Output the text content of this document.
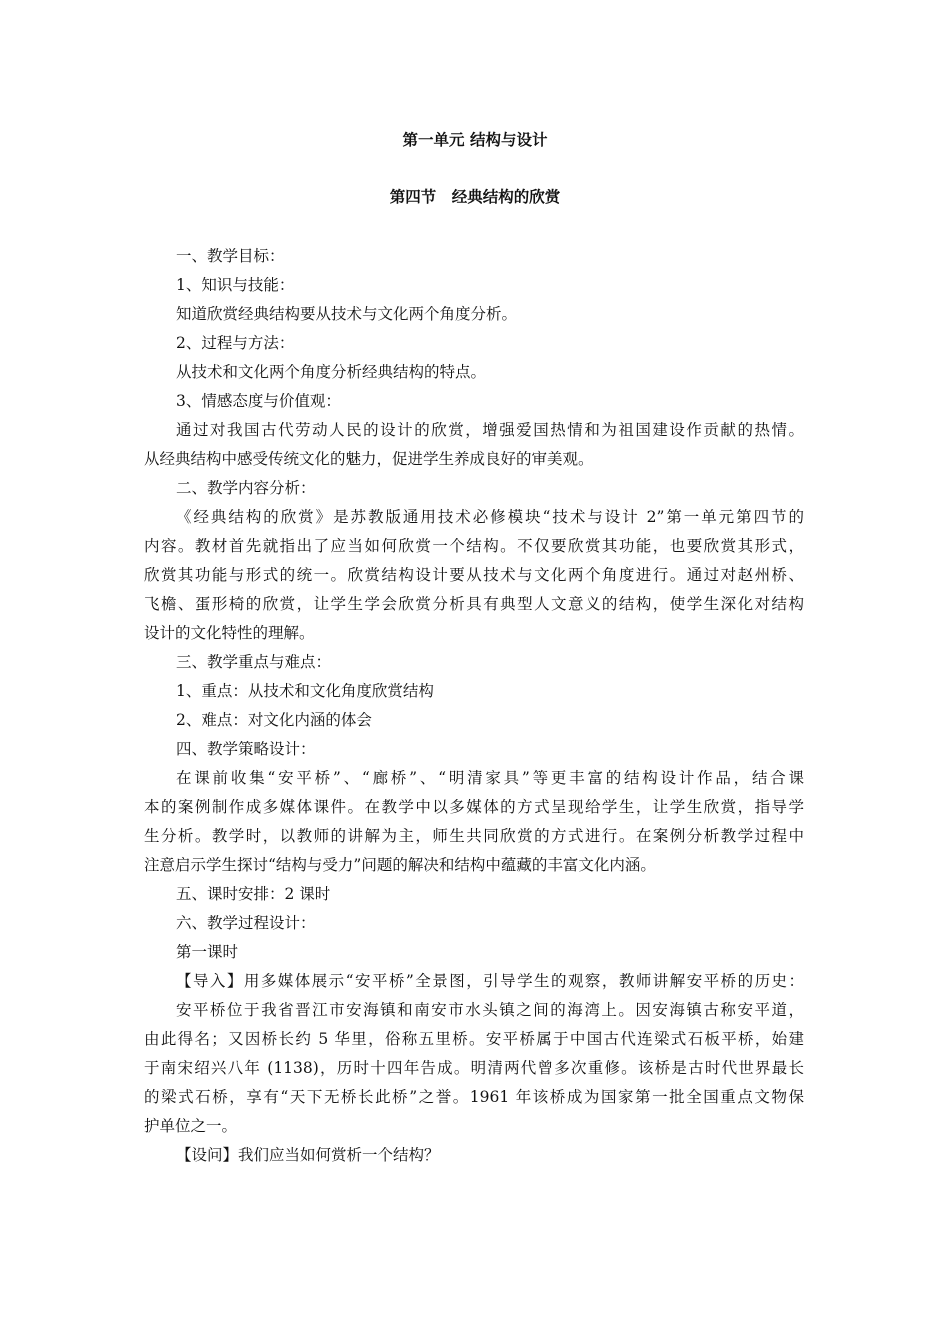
第一单元 结构与设计
第四节　经典结构的欣赏

一、教学目标：

1、知识与技能：

知道欣赏经典结构要从技术与文化两个角度分析。

2、过程与方法：

从技术和文化两个角度分析经典结构的特点。

3、情感态度与价值观：

通过对我国古代劳动人民的设计的欣赏，增强爱国热情和为祖国建设作贡献的热情。

从经典结构中感受传统文化的魅力，促进学生养成良好的审美观。

二、教学内容分析：

《经典结构的欣赏》是苏教版通用技术必修模块“技术与设计 2”第一单元第四节的

内容。教材首先就指出了应当如何欣赏一个结构。不仅要欣赏其功能，也要欣赏其形式，

欣赏其功能与形式的统一。欣赏结构设计要从技术与文化两个角度进行。通过对赵州桥、

飞檐、蛋形椅的欣赏，让学生学会欣赏分析具有典型人文意义的结构，使学生深化对结构

设计的文化特性的理解。

三、教学重点与难点：

1、重点：从技术和文化角度欣赏结构

2、难点：对文化内涵的体会

四、教学策略设计：

在课前收集“安平桥”、“廊桥”、“明清家具”等更丰富的结构设计作品，结合课

本的案例制作成多媒体课件。在教学中以多媒体的方式呈现给学生，让学生欣赏，指导学

生分析。教学时，以教师的讲解为主，师生共同欣赏的方式进行。在案例分析教学过程中

注意启示学生探讨“结构与受力”问题的解决和结构中蕴藏的丰富文化内涵。

五、课时安排：2 课时

六、教学过程设计：

第一课时

【导入】用多媒体展示“安平桥”全景图，引导学生的观察，教师讲解安平桥的历史：

安平桥位于我省晋江市安海镇和南安市水头镇之间的海湾上。因安海镇古称安平道，

由此得名；又因桥长约 5 华里，俗称五里桥。安平桥属于中国古代连梁式石板平桥，始建

于南宋绍兴八年 (1138)，历时十四年告成。明清两代曾多次重修。该桥是古时代世界最长

的梁式石桥，享有“天下无桥长此桥”之誉。1961 年该桥成为国家第一批全国重点文物保

护单位之一。

【设问】我们应当如何赏析一个结构？
